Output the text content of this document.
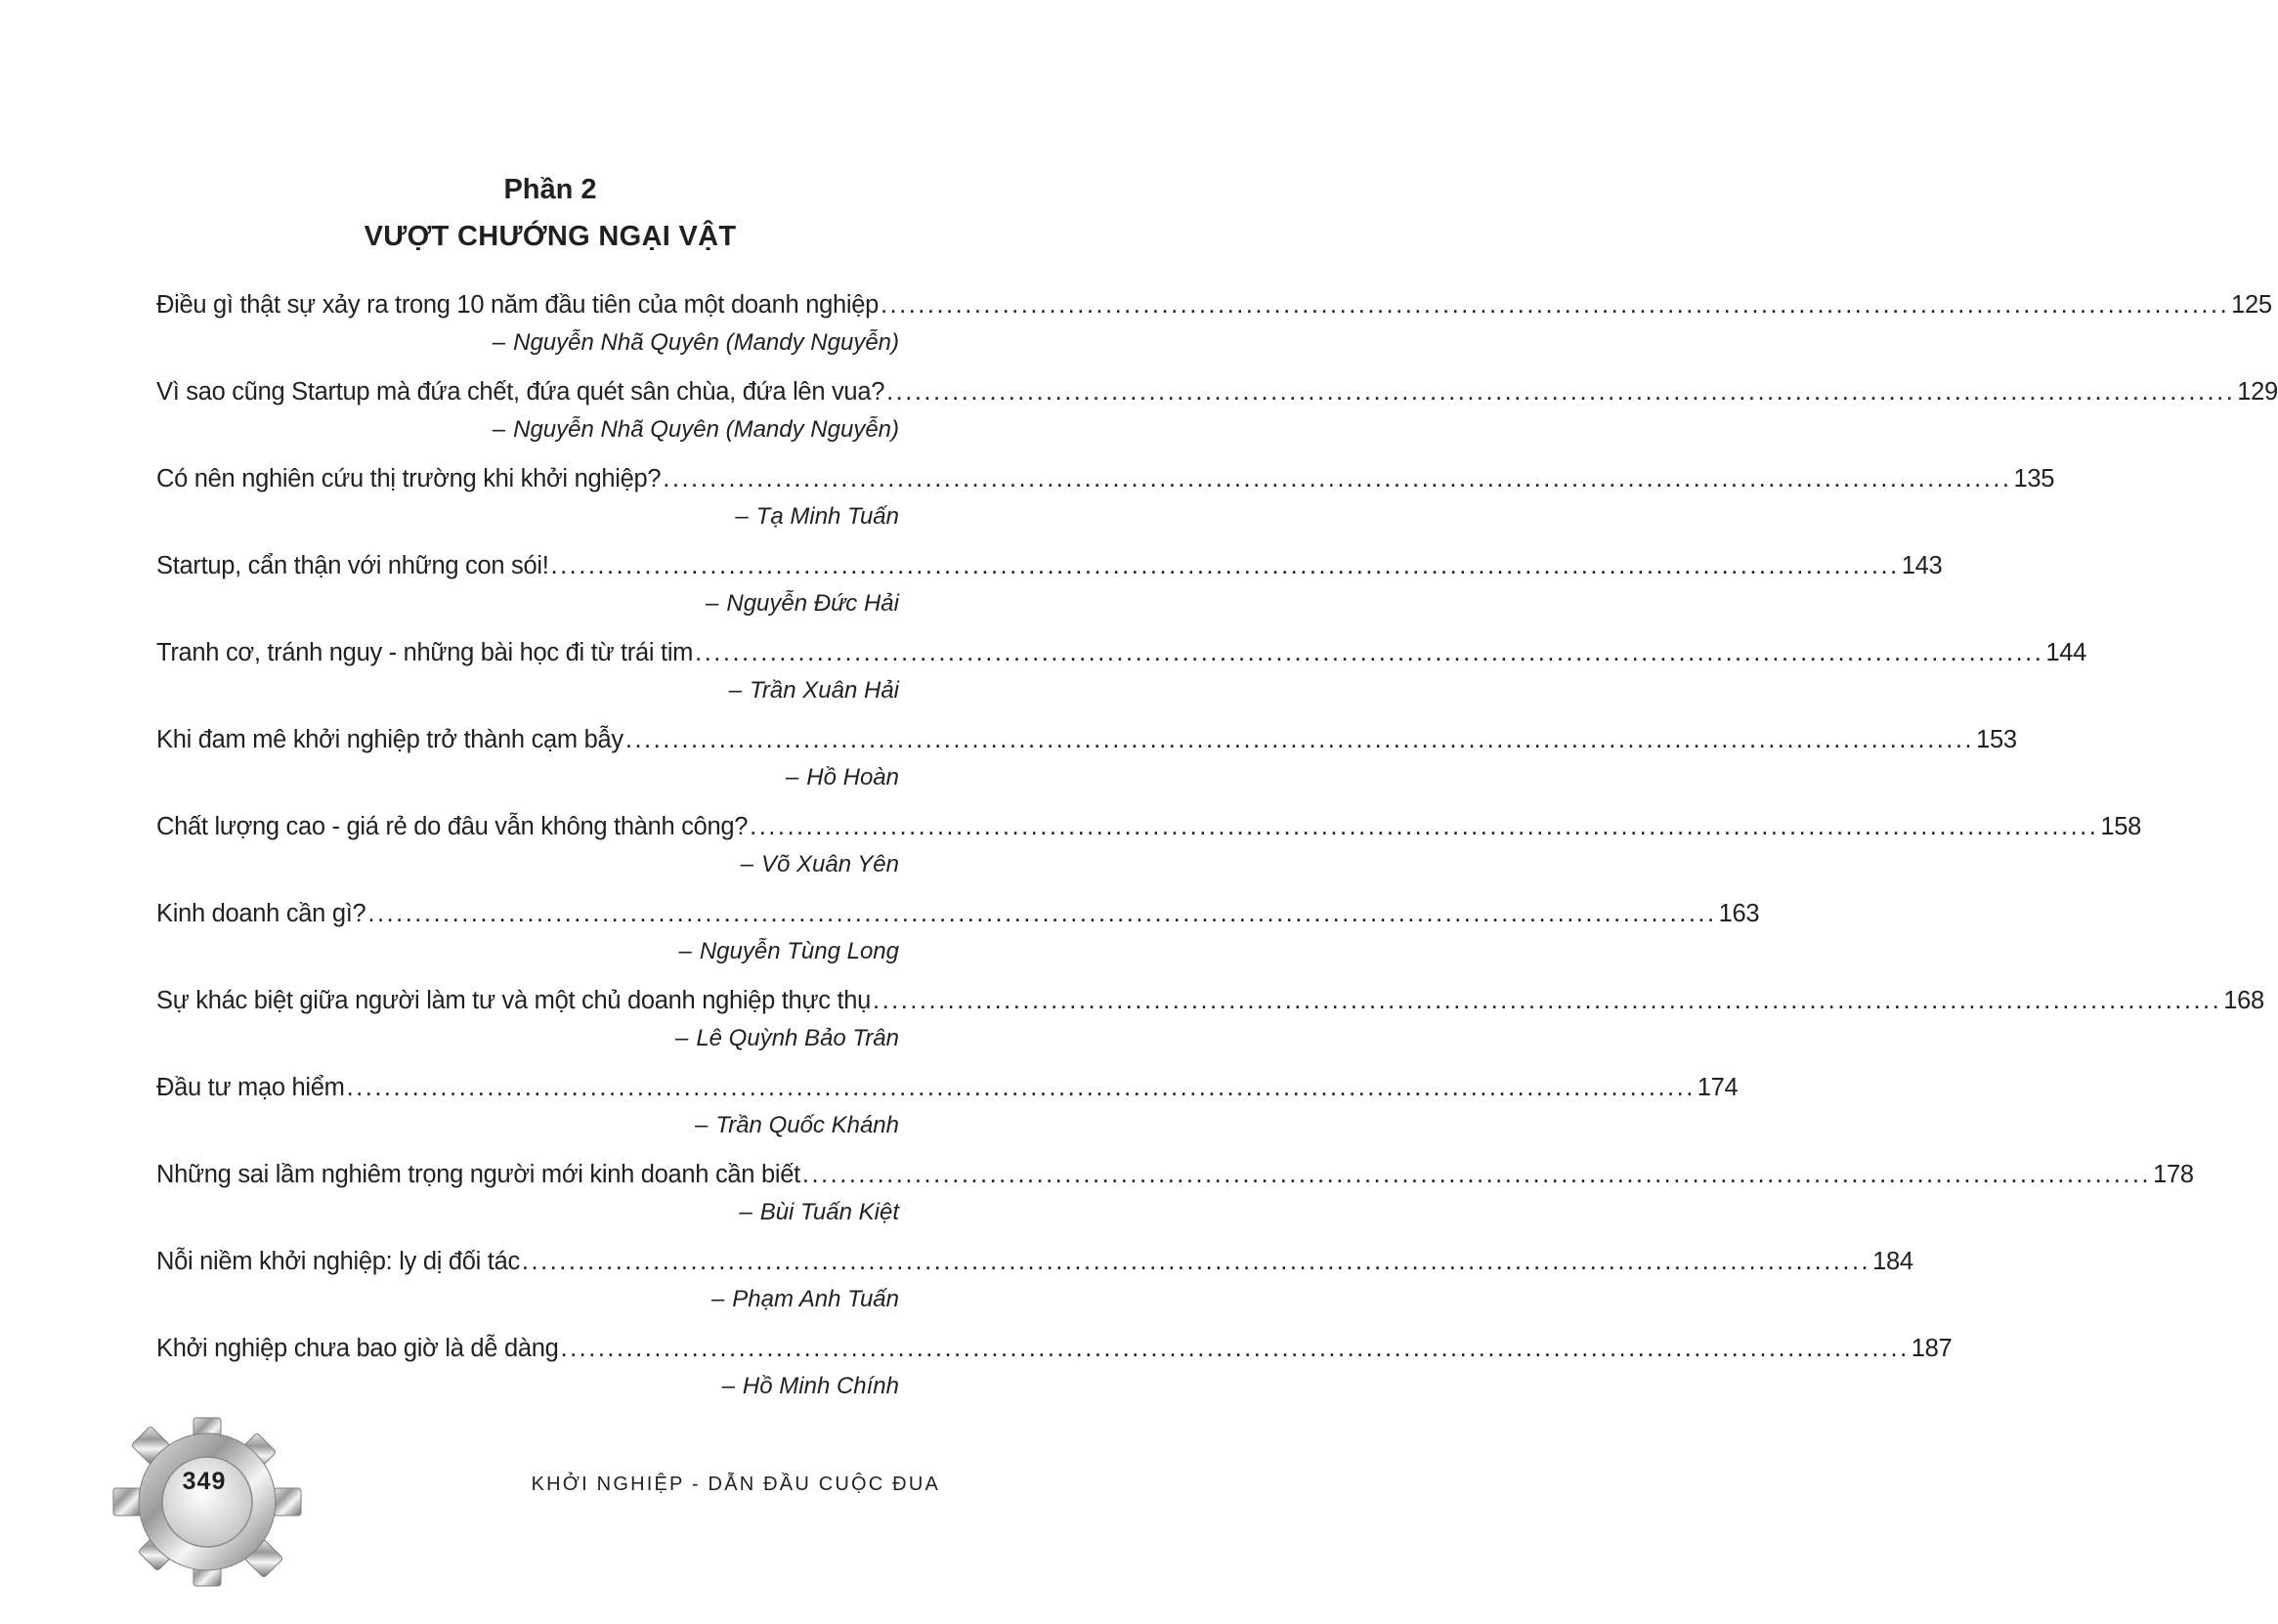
Phần 2
VƯỢT CHƯỚNG NGẠI VẬT
Điều gì thật sự xảy ra trong 10 năm đầu tiên của một doanh nghiệp .....	125
– Nguyễn Nhã Quyên (Mandy Nguyễn)
Vì sao cũng Startup mà đứa chết, đứa quét sân chùa, đứa lên vua? .....	129
– Nguyễn Nhã Quyên (Mandy Nguyễn)
Có nên nghiên cứu thị trường khi khởi nghiệp? .....	135
– Tạ Minh Tuấn
Startup, cẩn thận với những con sói! .....	143
– Nguyễn Đức Hải
Tranh cơ, tránh nguy - những bài học đi từ trái tim .....	144
– Trần Xuân Hải
Khi đam mê khởi nghiệp trở thành cạm bẫy .....	153
– Hồ Hoàn
Chất lượng cao - giá rẻ do đâu vẫn không thành công? .....	158
– Võ Xuân Yên
Kinh doanh cần gì? .....	163
– Nguyễn Tùng Long
Sự khác biệt giữa người làm tư và một chủ doanh nghiệp thực thụ .....	168
– Lê Quỳnh Bảo Trân
Đầu tư mạo hiểm .....	174
– Trần Quốc Khánh
Những sai lầm nghiêm trọng người mới kinh doanh cần biết .....	178
– Bùi Tuấn Kiệt
Nỗi niềm khởi nghiệp: ly dị đối tác .....	184
– Phạm Anh Tuấn
Khởi nghiệp chưa bao giờ là dễ dàng .....	187
– Hồ Minh Chính
349	KHỞI NGHIỆP - DẪN ĐẦU CUỘC ĐUA
